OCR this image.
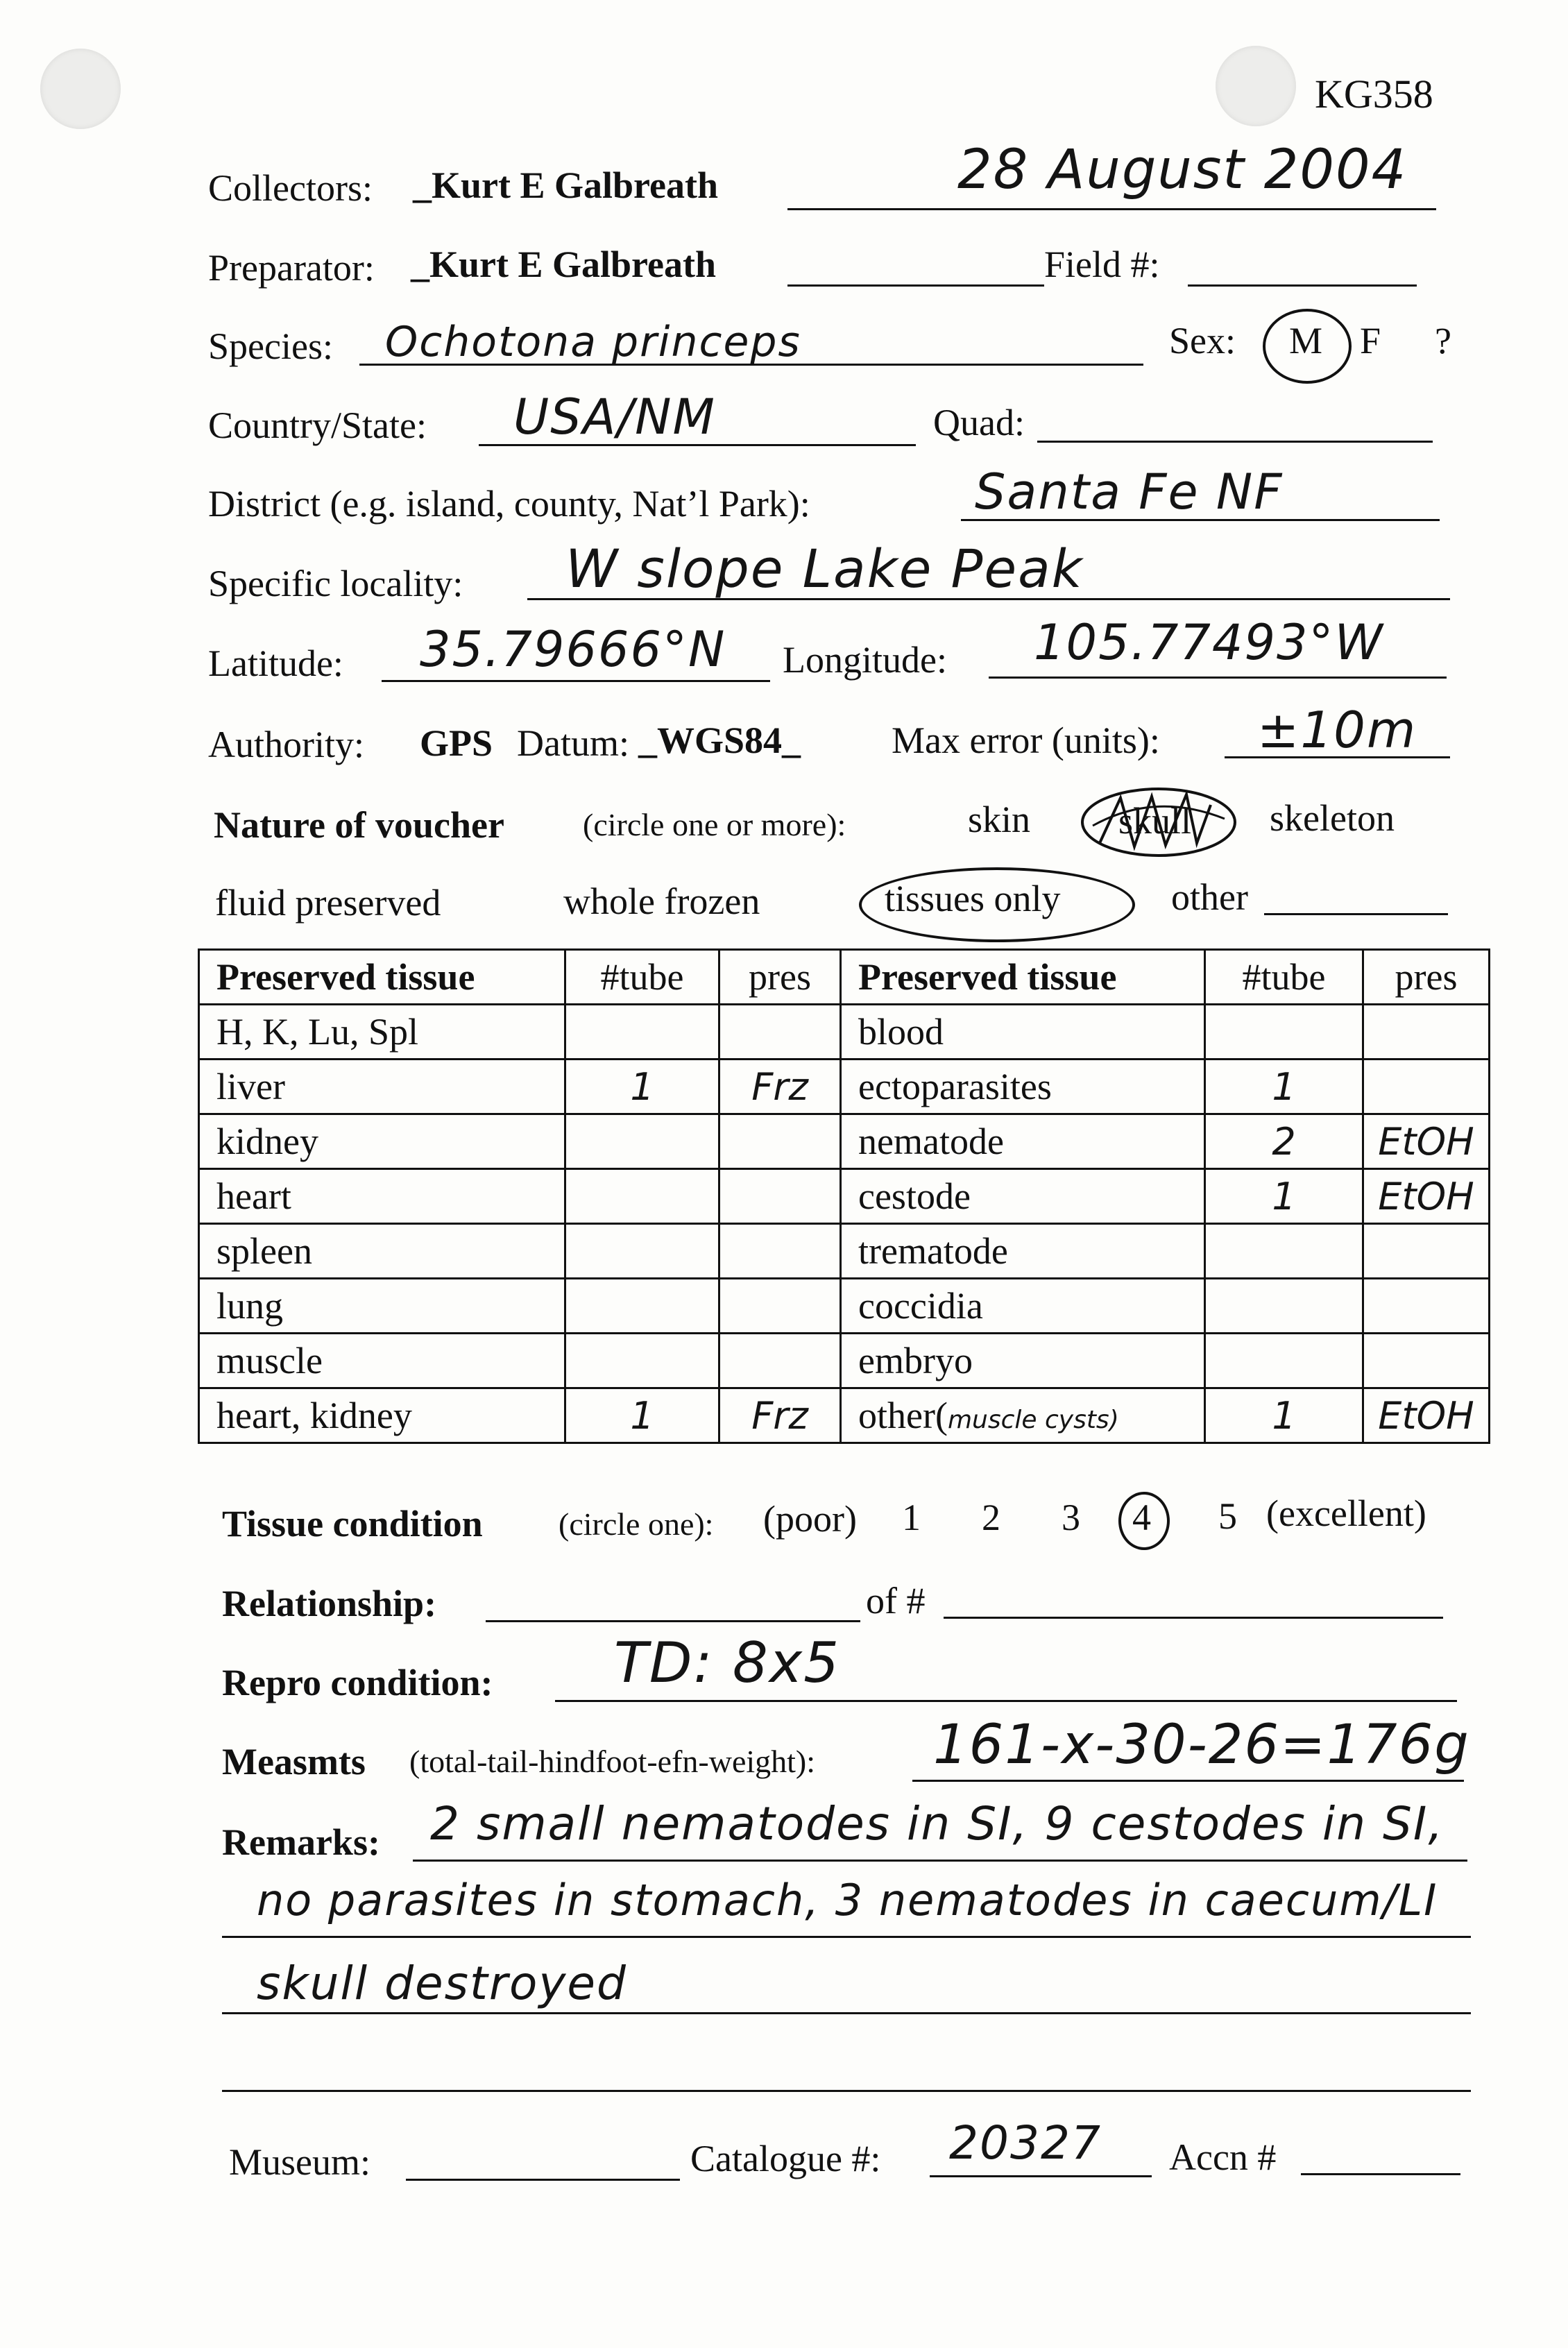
KG358
Collectors: _Kurt E Galbreath	28 August 2004
Preparator: _Kurt E Galbreath	Field #:
Species: Ochotona princeps	Sex: M F ?
Country/State: USA/NM	Quad:
District (e.g. island, county, Nat’l Park):	Santa Fe NF
Specific locality: W slope Lake Peak
Latitude: 35.79666°N Longitude: 105.77493°W
Authority: GPS Datum: _WGS84_ Max error (units): ±10m
Nature of voucher (circle one or more):	skin skull skeleton
fluid preserved	whole frozen	tissues only	other
Preserved tissue	#tube	pres	Preserved tissue	#tube	pres
H, K, Lu, Spl			blood		
liver	1	Frz	ectoparasites	1	
kidney			nematode	2	EtOH
heart			cestode	1	EtOH
spleen			trematode		
lung			coccidia		
muscle			embryo		
heart, kidney	1	Frz	other(muscle cysts)	1	EtOH
Tissue condition (circle one): (poor) 1 2 3 4 5 (excellent)
Relationship:	of #
Repro condition: TD: 8x5
Measmts (total-tail-hindfoot-efn-weight): 161-x-30-26=176g
Remarks: 2 small nematodes in SI, 9 cestodes in SI,
no parasites in stomach, 3 nematodes in caecum/LI
skull destroyed
Museum:	Catalogue #: 20327 Accn #
